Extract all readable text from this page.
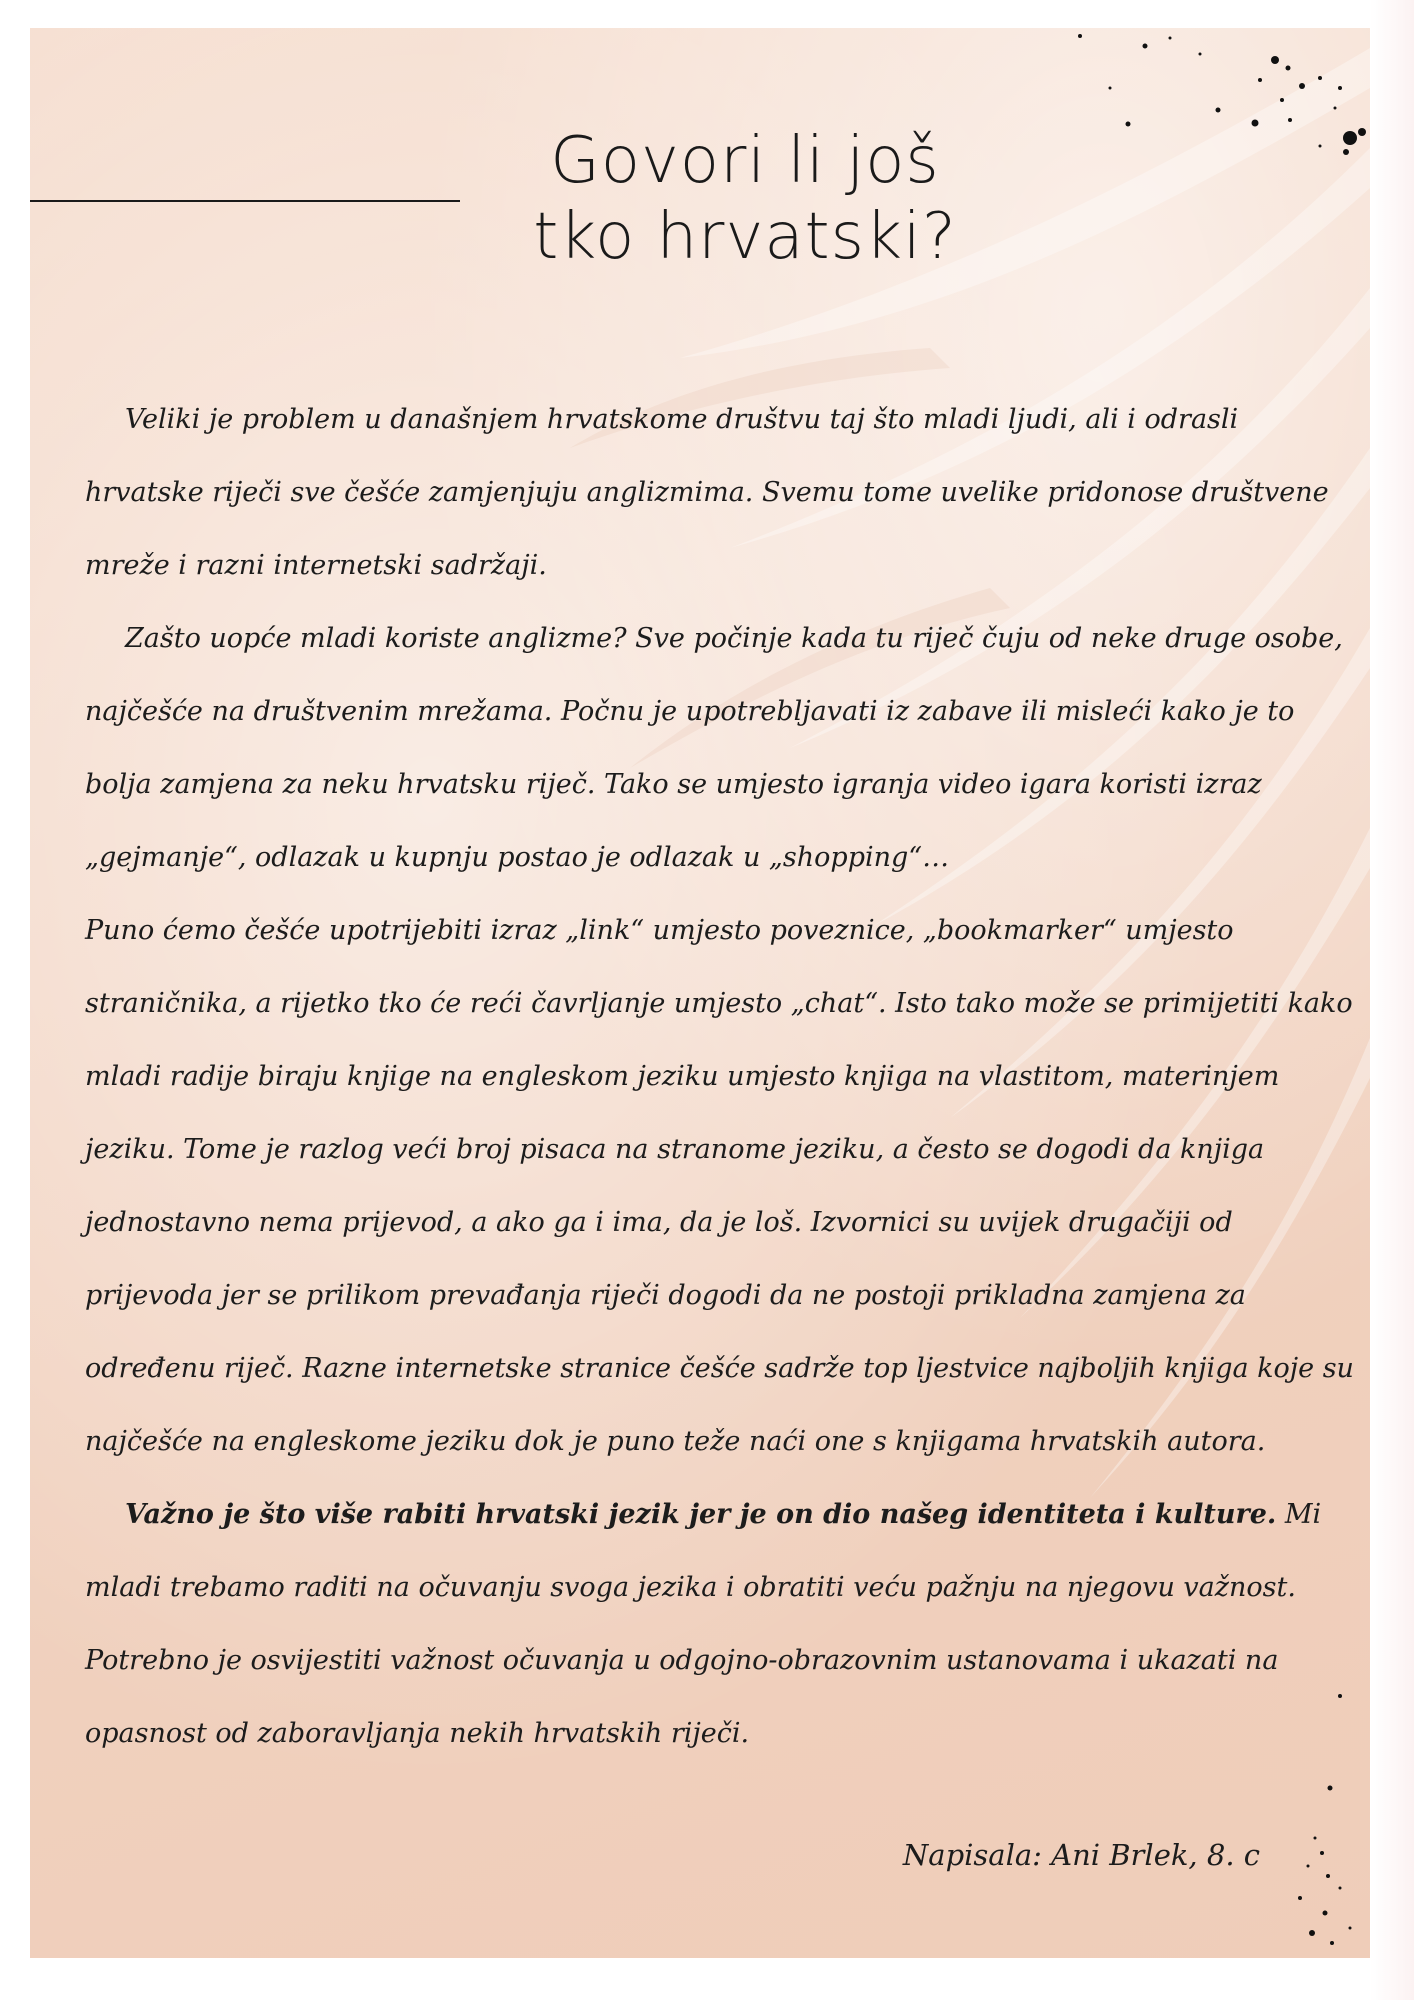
Govori li još
tko hrvatski?
Veliki je problem u današnjem hrvatskome društvu taj što mladi ljudi, ali i odrasli hrvatske riječi sve češće zamjenjuju anglizmima. Svemu tome uvelike pridonose društvene mreže i razni internetski sadržaji.
Zašto uopće mladi koriste anglizme? Sve počinje kada tu riječ čuju od neke druge osobe, najčešće na društvenim mrežama. Počnu je upotrebljavati iz zabave ili misleći kako je to bolja zamjena za neku hrvatsku riječ. Tako se umjesto igranja video igara koristi izraz „gejmanje“, odlazak u kupnju postao je odlazak u „shopping“…
Puno ćemo češće upotrijebiti izraz „link“ umjesto poveznice, „bookmarker“ umjesto straničnika, a rijetko tko će reći čavrljanje umjesto „chat“. Isto tako može se primijetiti kako mladi radije biraju knjige na engleskom jeziku umjesto knjiga na vlastitom, materinjem jeziku. Tome je razlog veći broj pisaca na stranome jeziku, a često se dogodi da knjiga jednostavno nema prijevod, a ako ga i ima, da je loš. Izvornici su uvijek drugačiji od prijevoda jer se prilikom prevađanja riječi dogodi da ne postoji prikladna zamjena za određenu riječ. Razne internetske stranice češće sadrže top ljestvice najboljih knjiga koje su najčešće na engleskome jeziku dok je puno teže naći one s knjigama hrvatskih autora.
Važno je što više rabiti hrvatski jezik jer je on dio našeg identiteta i kulture. Mi mladi trebamo raditi na očuvanju svoga jezika i obratiti veću pažnju na njegovu važnost. Potrebno je osvijestiti važnost očuvanja u odgojno-obrazovnim ustanovama i ukazati na opasnost od zaboravljanja nekih hrvatskih riječi.
Napisala: Ani Brlek, 8. c
